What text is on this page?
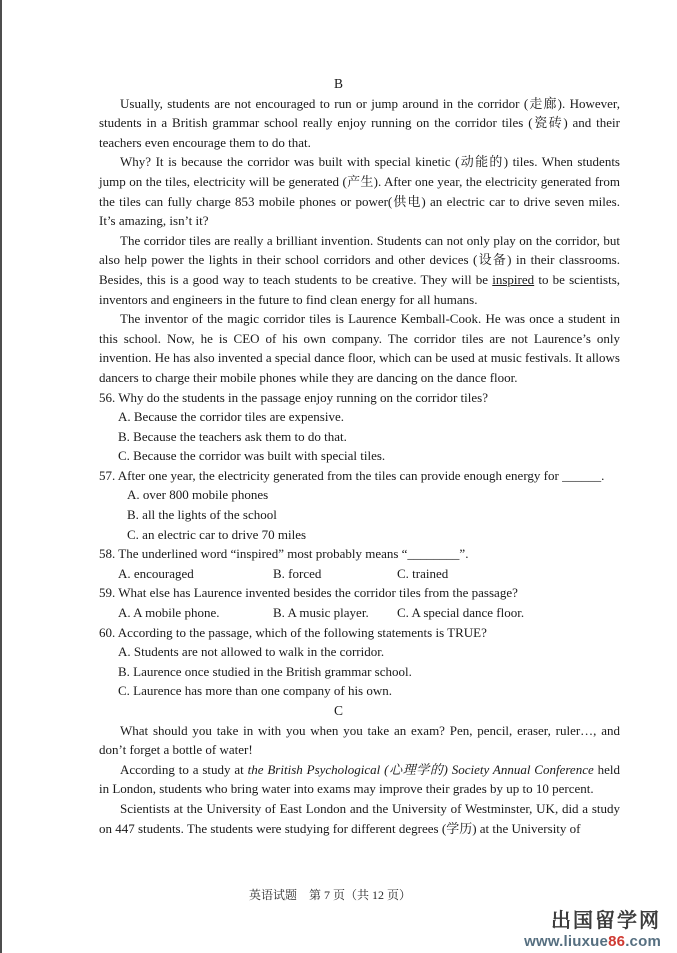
B

Usually, students are not encouraged to run or jump around in the corridor (走廊). However, students in a British grammar school really enjoy running on the corridor tiles (瓷砖) and their teachers even encourage them to do that.

Why? It is because the corridor was built with special kinetic (动能的) tiles. When students jump on the tiles, electricity will be generated (产生). After one year, the electricity generated from the tiles can fully charge 853 mobile phones or power(供电) an electric car to drive seven miles. It’s amazing, isn’t it?

The corridor tiles are really a brilliant invention. Students can not only play on the corridor, but also help power the lights in their school corridors and other devices (设备) in their classrooms. Besides, this is a good way to teach students to be creative. They will be inspired to be scientists, inventors and engineers in the future to find clean energy for all humans.

The inventor of the magic corridor tiles is Laurence Kemball-Cook. He was once a student in this school. Now, he is CEO of his own company. The corridor tiles are not Laurence’s only invention. He has also invented a special dance floor, which can be used at music festivals. It allows dancers to charge their mobile phones while they are dancing on the dance floor.

56. Why do the students in the passage enjoy running on the corridor tiles?
A. Because the corridor tiles are expensive.
B. Because the teachers ask them to do that.
C. Because the corridor was built with special tiles.
57. After one year, the electricity generated from the tiles can provide enough energy for ______.
A. over 800 mobile phones
B. all the lights of the school
C. an electric car to drive 70 miles
58. The underlined word “inspired” most probably means “________”.
A. encouraged	B. forced	C. trained
59. What else has Laurence invented besides the corridor tiles from the passage?
A. A mobile phone.	B. A music player.	C. A special dance floor.
60. According to the passage, which of the following statements is TRUE?
A. Students are not allowed to walk in the corridor.
B. Laurence once studied in the British grammar school.
C. Laurence has more than one company of his own.
C

What should you take in with you when you take an exam? Pen, pencil, eraser, ruler…, and don’t forget a bottle of water!

According to a study at the British Psychological (心理学的) Society Annual Conference held in London, students who bring water into exams may improve their grades by up to 10 percent.

Scientists at the University of East London and the University of Westminster, UK, did a study on 447 students. The students were studying for different degrees (学历) at the University of

英语试题　第 7 页（共 12 页）
出国留学网
www.liuxue86.com
